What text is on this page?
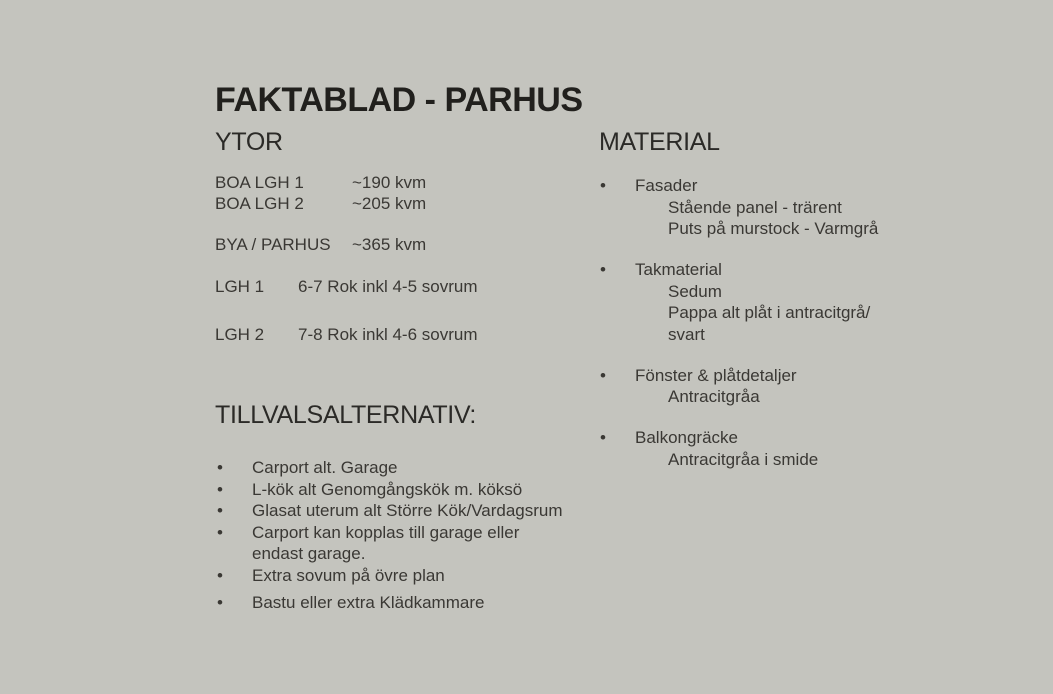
FAKTABLAD - PARHUS
YTOR
BOA LGH 1	~190 kvm
BOA LGH 2	~205 kvm
BYA / PARHUS	~365 kvm
LGH 1	6-7 Rok inkl 4-5 sovrum
LGH 2	7-8 Rok inkl 4-6 sovrum
TILLVALSALTERNATIV:
• Carport alt. Garage
• L-kök alt Genomgångskök m. köksö
• Glasat uterum alt Större Kök/Vardagsrum
• Carport kan kopplas till garage eller
endast garage.
• Extra sovum på övre plan
• Bastu eller extra Klädkammare
MATERIAL
• Fasader
Stående panel - trärent
Puts på murstock - Varmgrå
• Takmaterial
Sedum
Pappa alt plåt i antracitgrå/
svart
• Fönster & plåtdetaljer
Antracitgråa
• Balkongräcke
Antracitgråa i smide
